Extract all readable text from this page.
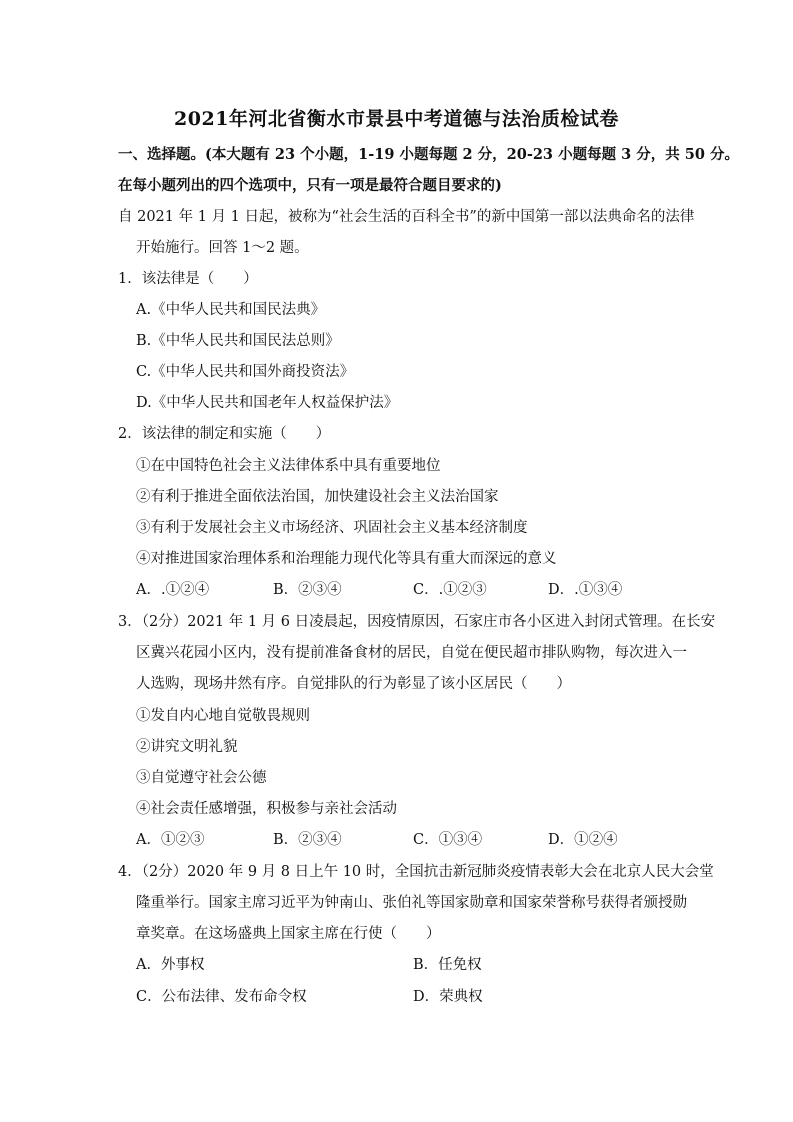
2021年河北省衡水市景县中考道德与法治质检试卷
一、选择题。(本大题有 23 个小题，1-19 小题每题 2 分，20-23 小题每题 3 分，共 50 分。
在每小题列出的四个选项中，只有一项是最符合题目要求的)
自 2021 年 1 月 1 日起，被称为“社会生活的百科全书”的新中国第一部以法典命名的法律
开始施行。回答 1～2 题。
1．该法律是（　　）
A.《中华人民共和国民法典》
B.《中华人民共和国民法总则》
C.《中华人民共和国外商投资法》
D.《中华人民共和国老年人权益保护法》
2．该法律的制定和实施（　　）
①在中国特色社会主义法律体系中具有重要地位
②有利于推进全面依法治国，加快建设社会主义法治国家
③有利于发展社会主义市场经济、巩固社会主义基本经济制度
④对推进国家治理体系和治理能力现代化等具有重大而深远的意义
A．.①②④	B．②③④	C．.①②③	D．.①③④
3．（2分）2021 年 1 月 6 日凌晨起，因疫情原因，石家庄市各小区进入封闭式管理。在长安
区冀兴花园小区内，没有提前准备食材的居民，自觉在便民超市排队购物，每次进入一
人选购，现场井然有序。自觉排队的行为彰显了该小区居民（　　）
①发自内心地自觉敬畏规则
②讲究文明礼貌
③自觉遵守社会公德
④社会责任感增强，积极参与亲社会活动
A．①②③	B．②③④	C．①③④	D．①②④
4．（2分）2020 年 9 月 8 日上午 10 时，全国抗击新冠肺炎疫情表彰大会在北京人民大会堂
隆重举行。国家主席习近平为钟南山、张伯礼等国家勋章和国家荣誉称号获得者颁授勋
章奖章。在这场盛典上国家主席在行使（　　）
A．外事权	B．任免权
C．公布法律、发布命令权	D．荣典权
